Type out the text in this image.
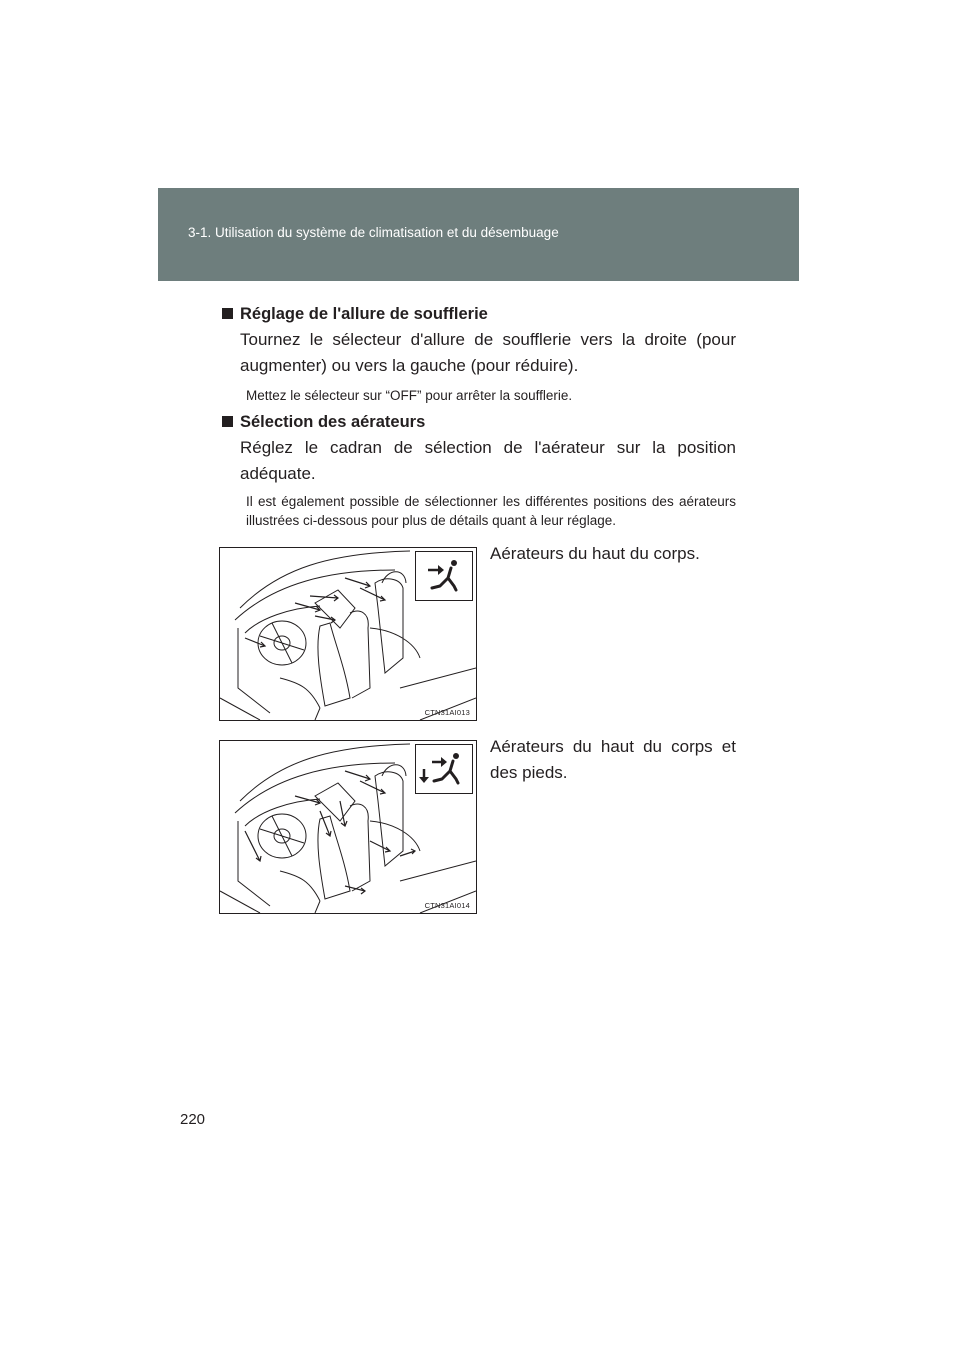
3-1. Utilisation du système de climatisation et du désembuage
Réglage de l'allure de soufflerie
Tournez le sélecteur d'allure de soufflerie vers la droite (pour augmenter) ou vers la gauche (pour réduire).
Mettez le sélecteur sur “OFF” pour arrêter la soufflerie.
Sélection des aérateurs
Réglez le cadran de sélection de l'aérateur sur la position adéquate.
Il est également possible de sélectionner les différentes positions des aérateurs illustrées ci-dessous pour plus de détails quant à leur réglage.
CTN31AI013
Aérateurs du haut du corps.
CTN31AI014
Aérateurs du haut du corps et des pieds.
220
